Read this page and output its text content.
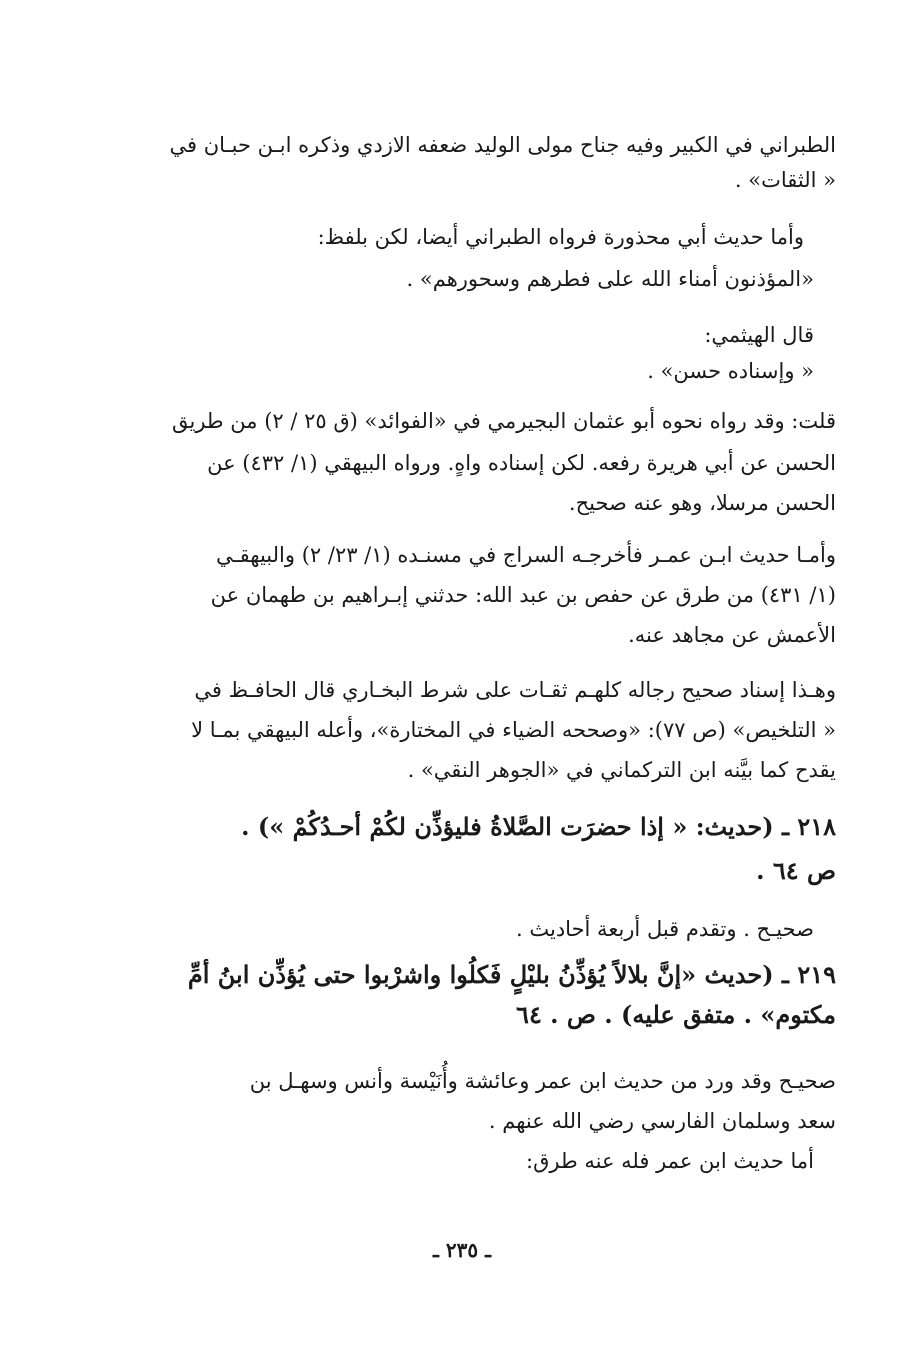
الطبراني في الكبير وفيه جناح مولى الوليد ضعفه الازدي وذكره ابـن حبـان في
« الثقات» .
وأما حديث أبي محذورة فرواه الطبراني أيضا، لكن بلفظ:
«المؤذنون أمناء الله على فطرهم وسحورهم» .
قال الهيثمي:
« وإسناده حسن» .
قلت: وقد رواه نحوه أبو عثمان البجيرمي في «الفوائد» (ق ٢٥ / ٢) من طريق
الحسن عن أبي هريرة رفعه. لكن إسناده واهٍ. ورواه البيهقي (١/ ٤٣٢) عن
الحسن مرسلا، وهو عنه صحيح.
وأمـا حديث ابـن عمـر فأخرجـه السراج في مسنـده (١/ ٢٣/ ٢) والبيهقـي
(١/ ٤٣١) من طرق عن حفص بن عبد الله: حدثني إبـراهيم بن طهمان عن
الأعمش عن مجاهد عنه.
وهـذا إسناد صحيح رجاله كلهـم ثقـات على شرط البخـاري قال الحافـظ في
« التلخيص» (ص ٧٧): «وصححه الضياء في المختارة»، وأعله البيهقي بمـا لا
يقدح كما بيَّنه ابن التركماني في «الجوهر النقي» .
٢١٨ ـ (حديث: « إذا حضرَت الصَّلاةُ فليؤذِّن لكُمْ أحـدُكُمْ ») .
ص ٦٤ .
صحيـح . وتقدم قبل أربعة أحاديث .
٢١٩ ـ (حديث «إنَّ بلالاً يُؤذِّنُ بليْلٍ فَكلُوا واشرْبوا حتى يُؤذِّن ابنُ أمِّ
مكتوم» . متفق عليه) . ص . ٦٤
صحيـح وقد ورد من حديث ابن عمر وعائشة وأُنَيْسة وأنس وسهـل بن
سعد وسلمان الفارسي رضي الله عنهم .
أما حديث ابن عمر فله عنه طرق:
ـ ٢٣٥ ـ
